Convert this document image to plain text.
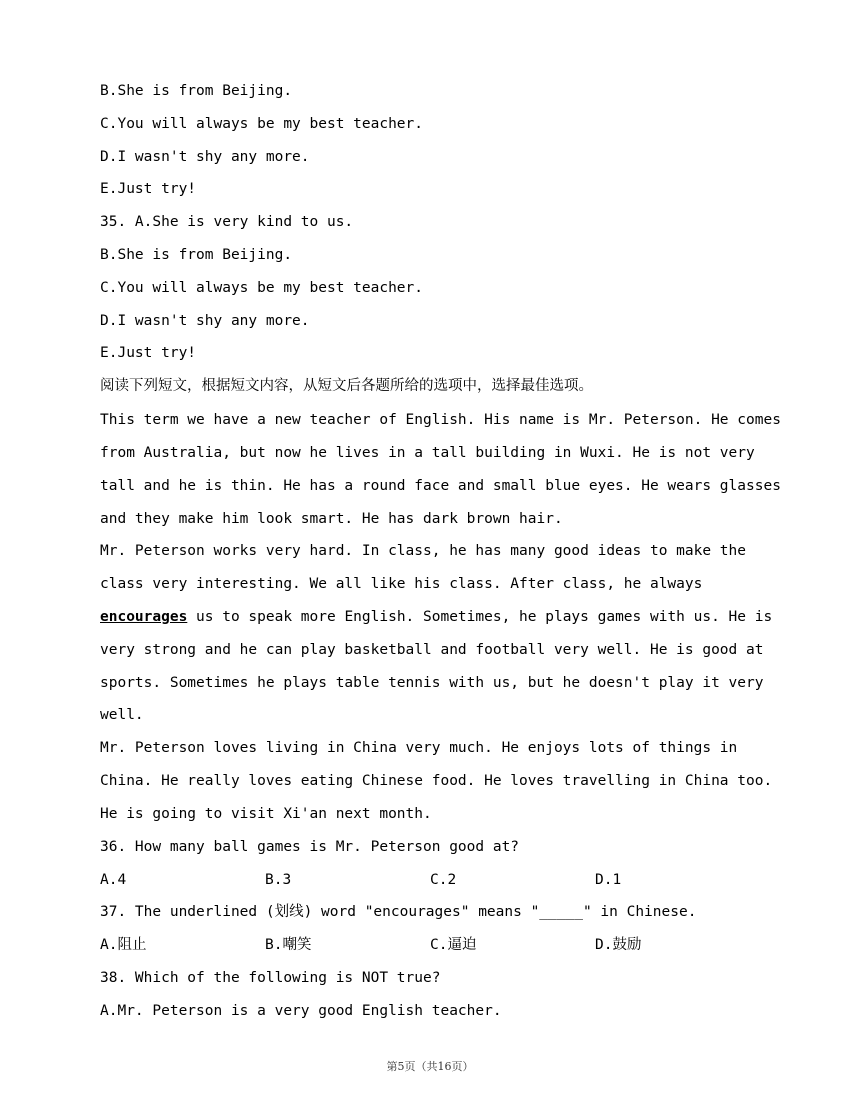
B.She is from Beijing.
C.You will always be my best teacher.
D.I wasn't shy any more.
E.Just try!
35. A.She is very kind to us.
B.She is from Beijing.
C.You will always be my best teacher.
D.I wasn't shy any more.
E.Just try!
阅读下列短文，根据短文内容，从短文后各题所给的选项中，选择最佳选项。
This term we have a new teacher of English. His name is Mr. Peterson. He comes
from Australia, but now he lives in a tall building in Wuxi. He is not very
tall and he is thin. He has a round face and small blue eyes. He wears glasses
and they make him look smart. He has dark brown hair.
Mr. Peterson works very hard. In class, he has many good ideas to make the
class very interesting. We all like his class. After class, he always
encourages us to speak more English. Sometimes, he plays games with us. He is
very strong and he can play basketball and football very well. He is good at
sports. Sometimes he plays table tennis with us, but he doesn't play it very
well.
Mr. Peterson loves living in China very much. He enjoys lots of things in
China. He really loves eating Chinese food. He loves travelling in China too.
He is going to visit Xi'an next month.
36. How many ball games is Mr. Peterson good at?
A.4	B.3	C.2	D.1
37. The underlined (划线) word "encourages" means "_____" in Chinese.
A.阻止	B.嘲笑	C.逼迫	D.鼓励
38. Which of the following is NOT true?
A.Mr. Peterson is a very good English teacher.
第5页（共16页）
